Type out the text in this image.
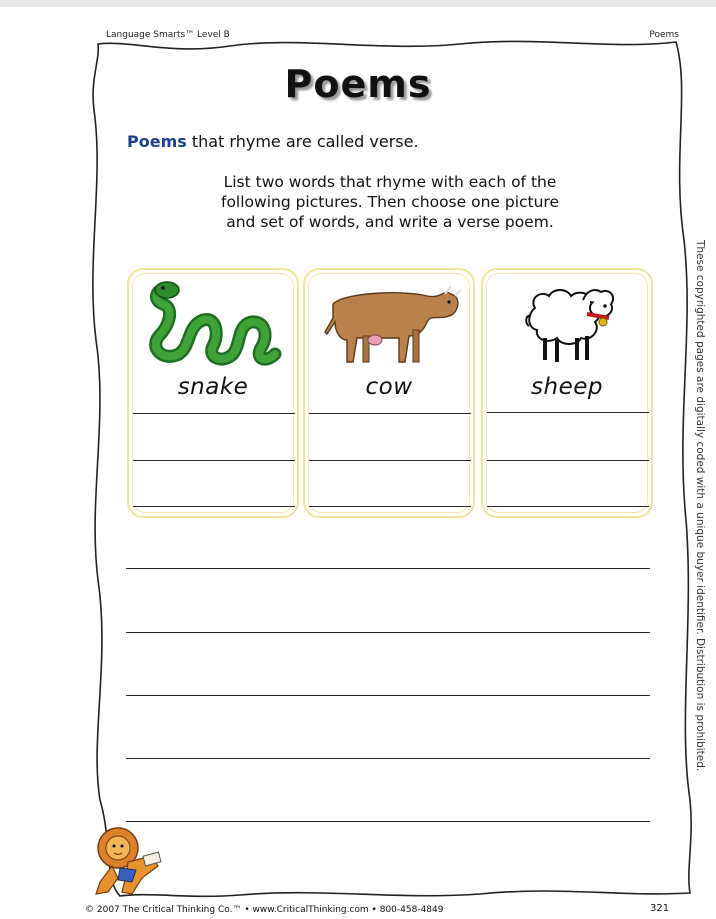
Language Smarts™ Level B	Poems
Poems
Poems that rhyme are called verse.
List two words that rhyme with each of the
following pictures. Then choose one picture
and set of words, and write a verse poem.
snake	cow	sheep	These copyrighted pages are digitally coded with a unique buyer identifier. Distribution is prohibited.
© 2007 The Critical Thinking Co.™ • www.CriticalThinking.com • 800-458-4849	321
